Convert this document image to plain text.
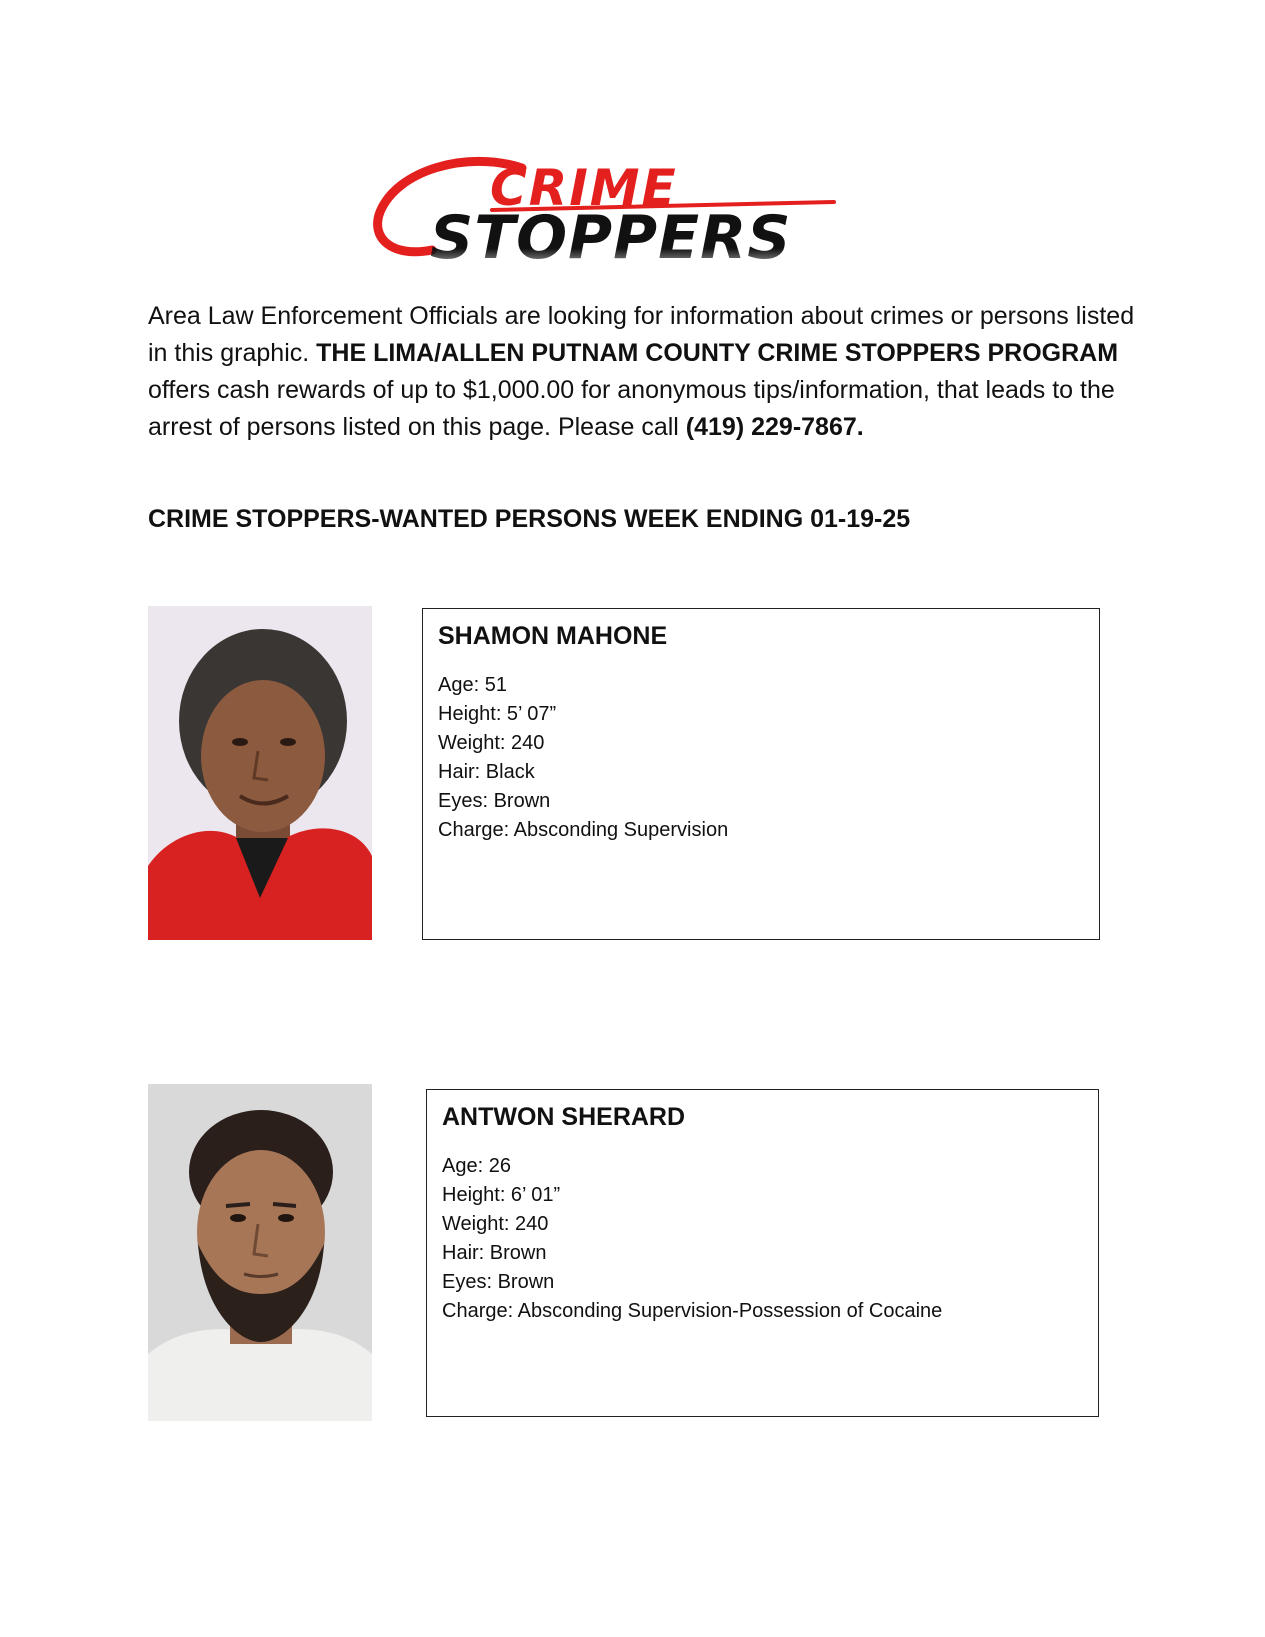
CRIME
STOPPERS
Area Law Enforcement Officials are looking for information about crimes or persons listed in this graphic. THE LIMA/ALLEN PUTNAM COUNTY CRIME STOPPERS PROGRAM offers cash rewards of up to $1,000.00 for anonymous tips/information, that leads to the arrest of persons listed on this page. Please call (419) 229-7867.
CRIME STOPPERS-WANTED PERSONS WEEK ENDING 01-19-25
SHAMON MAHONE
Age: 51
Height: 5’ 07”
Weight: 240
Hair: Black
Eyes: Brown
Charge: Absconding Supervision
ANTWON SHERARD
Age: 26
Height: 6’ 01”
Weight: 240
Hair: Brown
Eyes: Brown
Charge: Absconding Supervision-Possession of Cocaine
